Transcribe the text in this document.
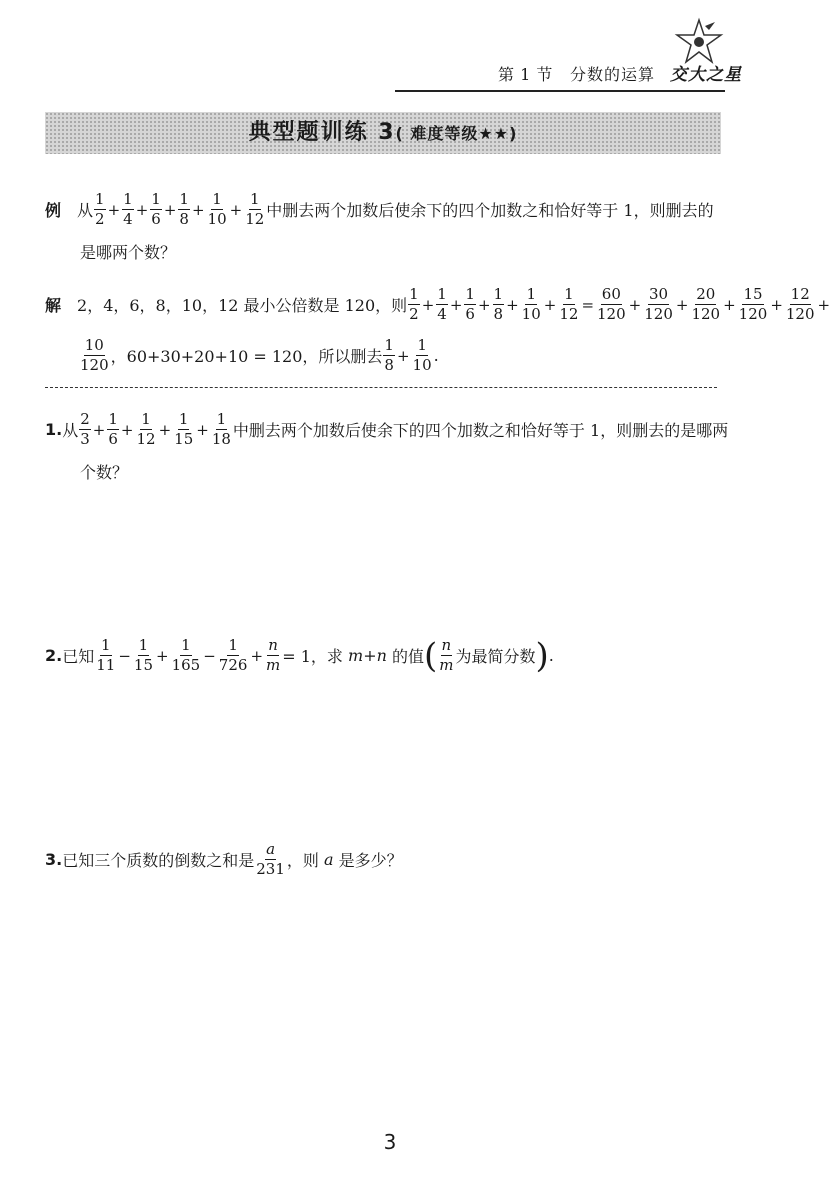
第 1 节 分数的运算 交大之星
典型题训练 3( 难度等级★★)
例 从 $\frac{1}{2} + \frac{1}{4} + \frac{1}{6} + \frac{1}{8} + \frac{1}{10} + \frac{1}{12}$ 中删去两个加数后使余下的四个加数之和恰好等于 1，则删去的
是哪两个数？
解 2，4，6，8，10，12 最小公倍数是 120，则 $\frac{1}{2} + \frac{1}{4} + \frac{1}{6} + \frac{1}{8} + \frac{1}{10} + \frac{1}{12} = \frac{60}{120} + \frac{30}{120} + \frac{20}{120} + \frac{15}{120} + \frac{12}{120}$ +
$\frac{10}{120}$ ，60+30+20+10 = 120，所以删去 $\frac{1}{8} + \frac{1}{10}$ .
1. 从 $\frac{2}{3} + \frac{1}{6} + \frac{1}{12} + \frac{1}{15} + \frac{1}{18}$ 中删去两个加数后使余下的四个加数之和恰好等于 1，则删去的是哪两
个数？
2. 已知 $\frac{1}{11} - \frac{1}{15} + \frac{1}{165} - \frac{1}{726} + \frac{n}{m} = 1$，求 m+n 的值 ( $\frac{n}{m}$ 为最简分数 ) .
3. 已知三个质数的倒数之和是 $\frac{a}{231}$ ，则 a 是多少？
3
